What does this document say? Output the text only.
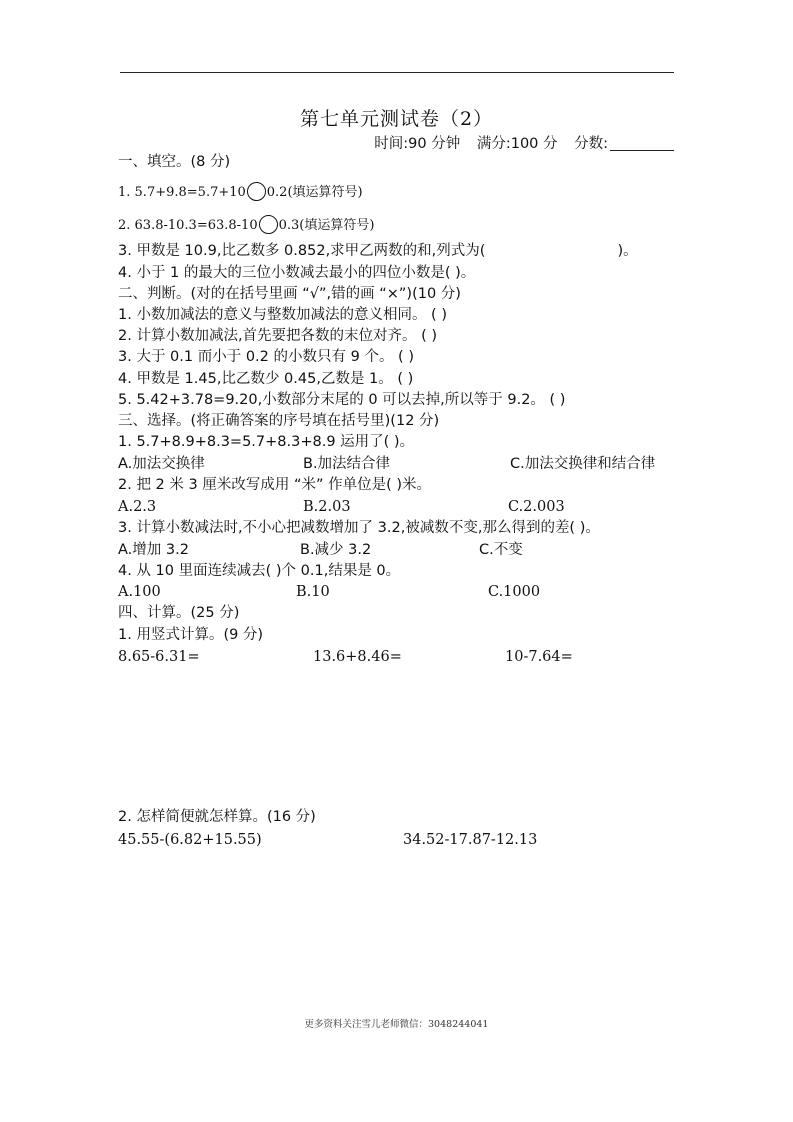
第七单元测试卷（2）
时间:90 分钟 满分:100 分 分数:
一、填空。(8 分)
1. 5.7+9.8=5.7+10 0.2(填运算符号)
2. 63.8-10.3=63.8-10 0.3(填运算符号)
3. 甲数是 10.9,比乙数多 0.852,求甲乙两数的和,列式为(	)。
4. 小于 1 的最大的三位小数减去最小的四位小数是( )。
二、判断。(对的在括号里画 “√”,错的画 “×”)(10 分)
1. 小数加减法的意义与整数加减法的意义相同。 ( )
2. 计算小数加减法,首先要把各数的末位对齐。 ( )
3. 大于 0.1 而小于 0.2 的小数只有 9 个。 ( )
4. 甲数是 1.45,比乙数少 0.45,乙数是 1。 ( )
5. 5.42+3.78=9.20,小数部分末尾的 0 可以去掉,所以等于 9.2。 ( )
三、选择。(将正确答案的序号填在括号里)(12 分)
1. 5.7+8.9+8.3=5.7+8.3+8.9 运用了( )。
A.加法交换律	B.加法结合律	C.加法交换律和结合律
2. 把 2 米 3 厘米改写成用 “米” 作单位是( )米。
A.2.3	B.2.03	C.2.003
3. 计算小数减法时,不小心把减数增加了 3.2,被减数不变,那么得到的差( )。
A.增加 3.2	B.减少 3.2	C.不变
4. 从 10 里面连续减去( )个 0.1,结果是 0。
A.100	B.10	C.1000
四、计算。(25 分)
1. 用竖式计算。(9 分)
8.65-6.31=	13.6+8.46=	10-7.64=
2. 怎样简便就怎样算。(16 分)
45.55-(6.82+15.55)	34.52-17.87-12.13
更多资料关注雪儿老师微信：3048244041
